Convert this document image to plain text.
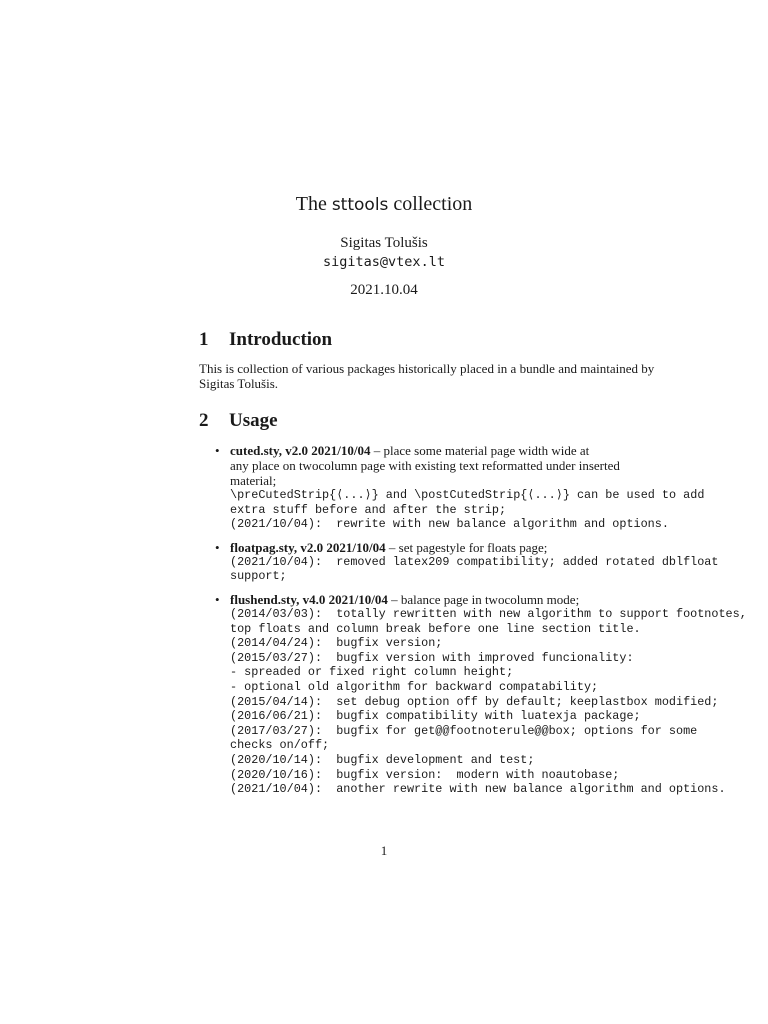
The sttools collection
Sigitas Tolušis
sigitas@vtex.lt
2021.10.04
1 Introduction
This is collection of various packages historically placed in a bundle and maintained by Sigitas Tolušis.
2 Usage
• cuted.sty, v2.0 2021/10/04 – place some material page width wide at
any place on twocolumn page with existing text reformatted under inserted
material;
\preCutedStrip{⟨...⟩} and \postCutedStrip{⟨...⟩} can be used to add
extra stuff before and after the strip;
(2021/10/04):  rewrite with new balance algorithm and options.
• floatpag.sty, v2.0 2021/10/04 – set pagestyle for floats page;
(2021/10/04):  removed latex209 compatibility; added rotated dblfloat
support;
• flushend.sty, v4.0 2021/10/04 – balance page in twocolumn mode;
(2014/03/03):  totally rewritten with new algorithm to support footnotes,
top floats and column break before one line section title.
(2014/04/24):  bugfix version;
(2015/03/27):  bugfix version with improved funcionality:
- spreaded or fixed right column height;
- optional old algorithm for backward compatability;
(2015/04/14):  set debug option off by default; keeplastbox modified;
(2016/06/21):  bugfix compatibility with luatexja package;
(2017/03/27):  bugfix for get@@footnoterule@@box; options for some
checks on/off;
(2020/10/14):  bugfix development and test;
(2020/10/16):  bugfix version:  modern with noautobase;
(2021/10/04):  another rewrite with new balance algorithm and options.
1
